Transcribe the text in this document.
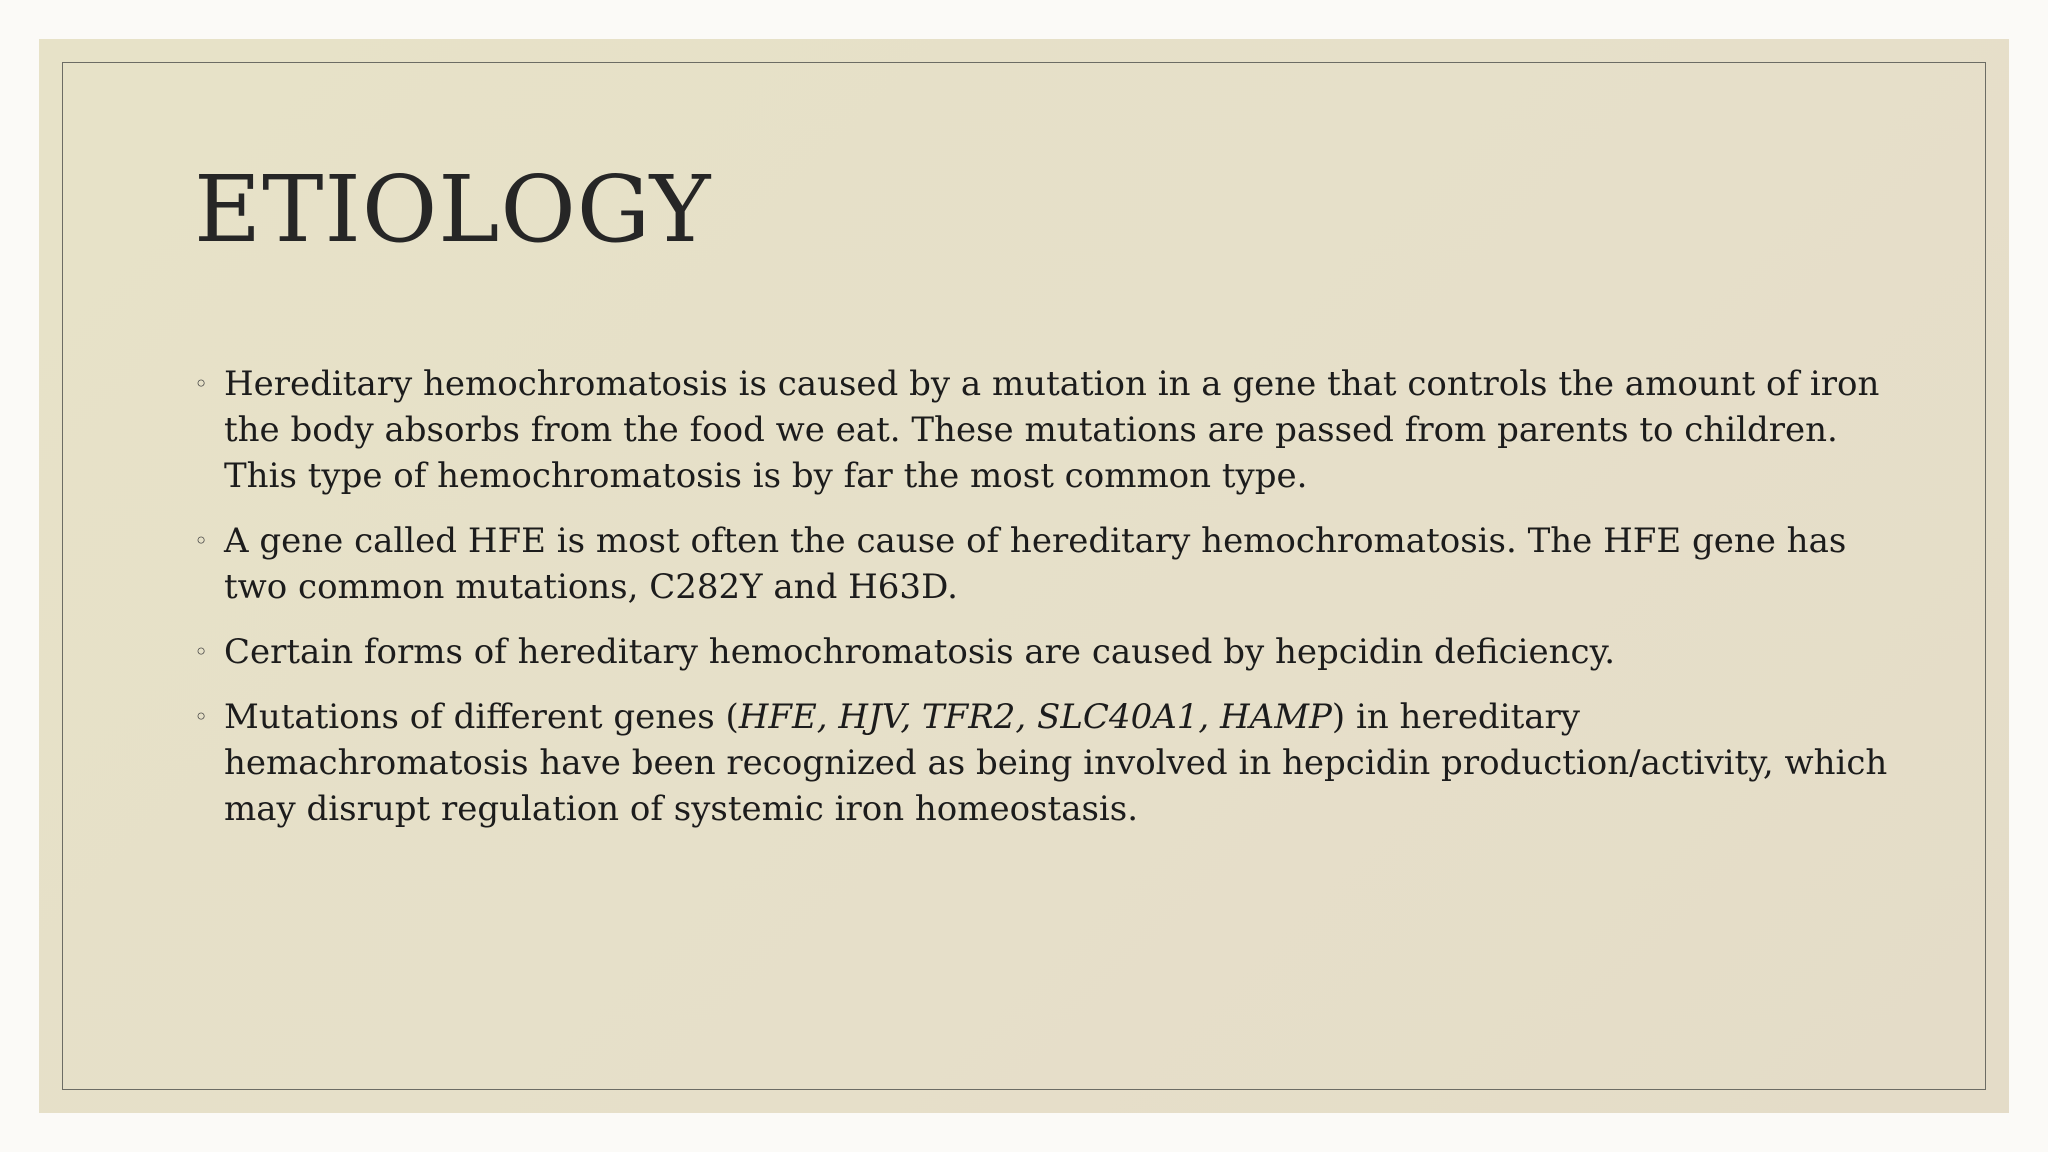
ETIOLOGY
◦ Hereditary hemochromatosis is caused by a mutation in a gene that controls the amount of iron the body absorbs from the food we eat. These mutations are passed from parents to children. This type of hemochromatosis is by far the most common type.
◦ A gene called HFE is most often the cause of hereditary hemochromatosis. The HFE gene has two common mutations, C282Y and H63D.
◦ Certain forms of hereditary hemochromatosis are caused by hepcidin deficiency.
◦ Mutations of different genes (HFE, HJV, TFR2, SLC40A1, HAMP) in hereditary hemachromatosis have been recognized as being involved in hepcidin production/activity, which may disrupt regulation of systemic iron homeostasis.
